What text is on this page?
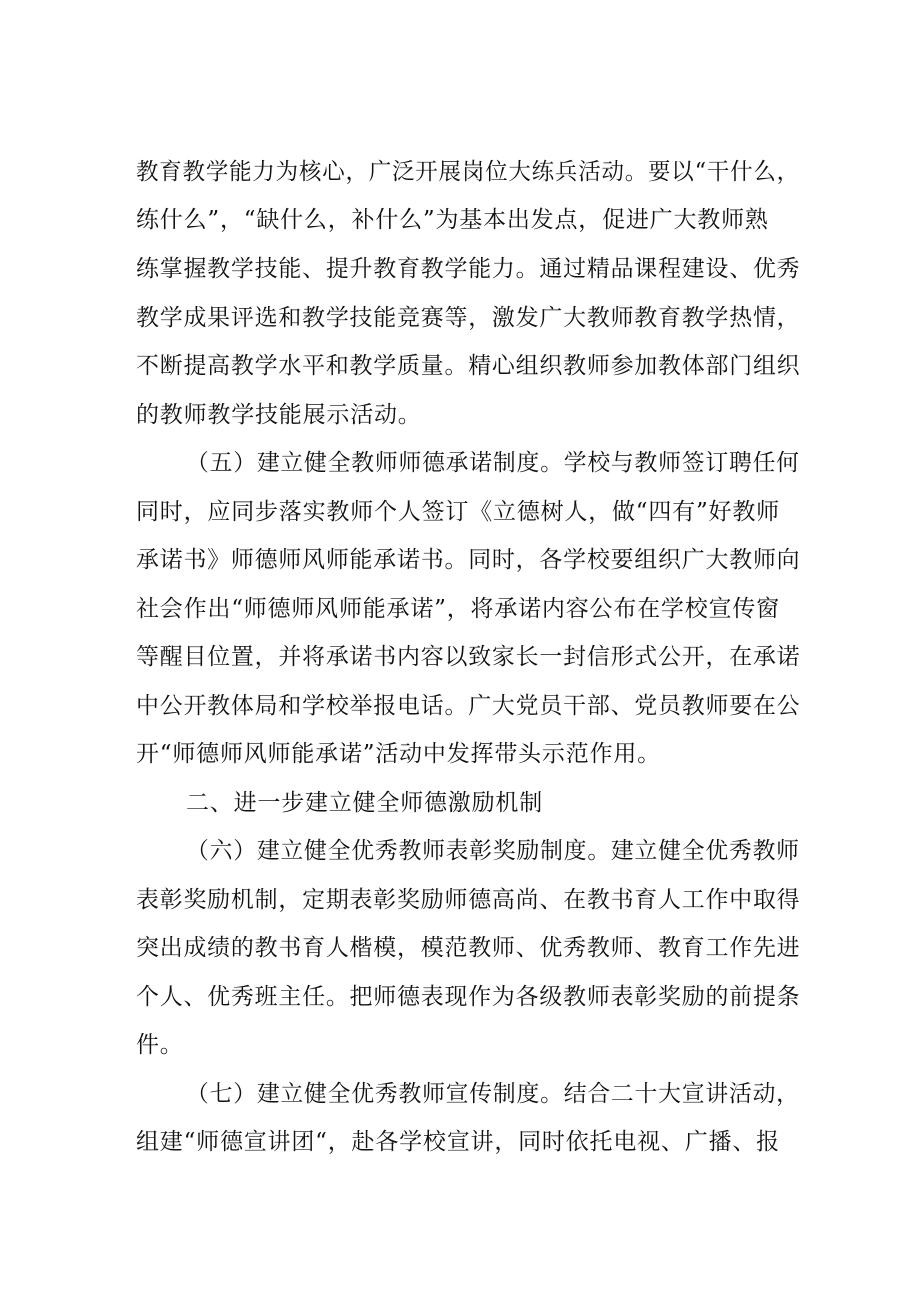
教育教学能力为核心，广泛开展岗位大练兵活动。要以“干什么，
练什么”，“缺什么，补什么”为基本出发点，促进广大教师熟
练掌握教学技能、提升教育教学能力。通过精品课程建设、优秀
教学成果评选和教学技能竞赛等，激发广大教师教育教学热情，
不断提高教学水平和教学质量。精心组织教师参加教体部门组织
的教师教学技能展示活动。
（五）建立健全教师师德承诺制度。学校与教师签订聘任何
同时，应同步落实教师个人签订《立德树人，做“四有”好教师
承诺书》师德师风师能承诺书。同时，各学校要组织广大教师向
社会作出“师德师风师能承诺”，将承诺内容公布在学校宣传窗
等醒目位置，并将承诺书内容以致家长一封信形式公开，在承诺
中公开教体局和学校举报电话。广大党员干部、党员教师要在公
开“师德师风师能承诺”活动中发挥带头示范作用。
二、进一步建立健全师德激励机制
（六）建立健全优秀教师表彰奖励制度。建立健全优秀教师
表彰奖励机制，定期表彰奖励师德高尚、在教书育人工作中取得
突出成绩的教书育人楷模，模范教师、优秀教师、教育工作先进
个人、优秀班主任。把师德表现作为各级教师表彰奖励的前提条
件。
（七）建立健全优秀教师宣传制度。结合二十大宣讲活动，
组建“师德宣讲团“，赴各学校宣讲，同时依托电视、广播、报
